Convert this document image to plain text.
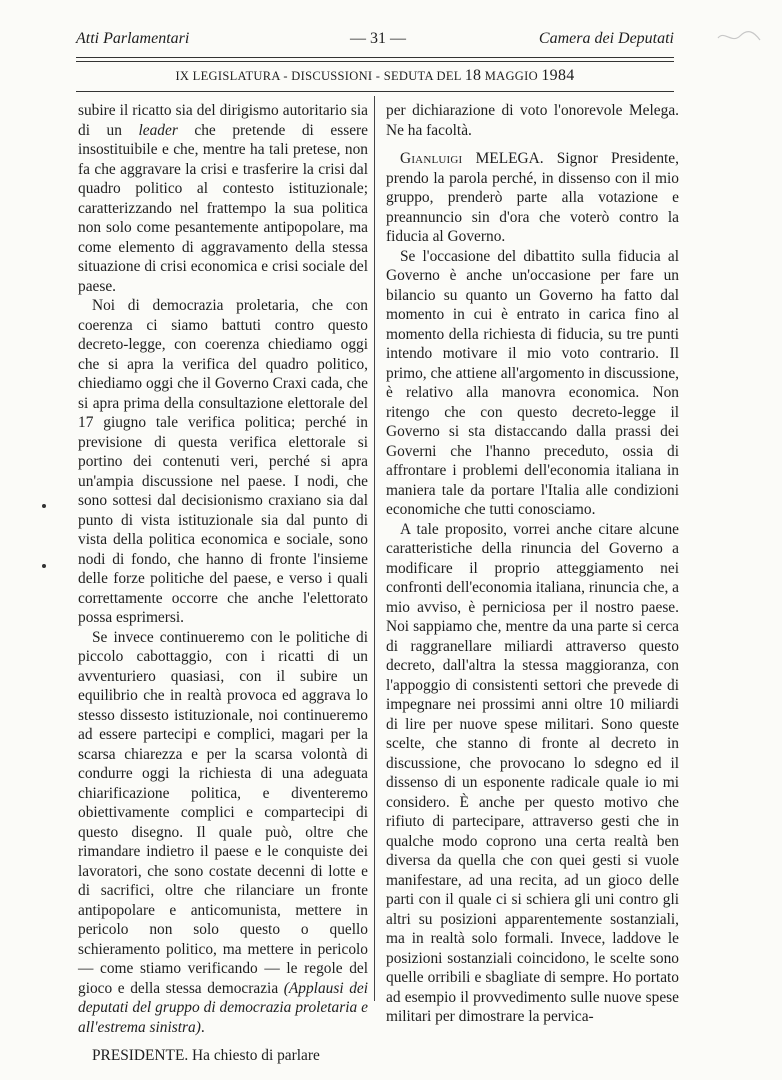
Atti Parlamentari	— 31 —	Camera dei Deputati
IX LEGISLATURA - DISCUSSIONI - SEDUTA DEL 18 MAGGIO 1984

subire il ricatto sia del dirigismo autoritario sia di un leader che pretende di essere insostituibile e che, mentre ha tali pretese, non fa che aggravare la crisi e trasferire la crisi dal quadro politico al contesto istituzionale; caratterizzando nel frattempo la sua politica non solo come pesantemente antipopolare, ma come elemento di aggravamento della stessa situazione di crisi economica e crisi sociale del paese.

Noi di democrazia proletaria, che con coerenza ci siamo battuti contro questo decreto-legge, con coerenza chiediamo oggi che si apra la verifica del quadro politico, chiediamo oggi che il Governo Craxi cada, che si apra prima della consultazione elettorale del 17 giugno tale verifica politica; perché in previsione di questa verifica elettorale si portino dei contenuti veri, perché si apra un'ampia discussione nel paese. I nodi, che sono sottesi dal decisionismo craxiano sia dal punto di vista istituzionale sia dal punto di vista della politica economica e sociale, sono nodi di fondo, che hanno di fronte l'insieme delle forze politiche del paese, e verso i quali correttamente occorre che anche l'elettorato possa esprimersi.

Se invece continueremo con le politiche di piccolo cabottaggio, con i ricatti di un avventuriero quasiasi, con il subire un equilibrio che in realtà provoca ed aggrava lo stesso dissesto istituzionale, noi continueremo ad essere partecipi e complici, magari per la scarsa chiarezza e per la scarsa volontà di condurre oggi la richiesta di una adeguata chiarificazione politica, e diventeremo obiettivamente complici e compartecipi di questo disegno. Il quale può, oltre che rimandare indietro il paese e le conquiste dei lavoratori, che sono costate decenni di lotte e di sacrifici, oltre che rilanciare un fronte antipopolare e anticomunista, mettere in pericolo non solo questo o quello schieramento politico, ma mettere in pericolo — come stiamo verificando — le regole del gioco e della stessa democrazia (Applausi dei deputati del gruppo di democrazia proletaria e all'estrema sinistra).

PRESIDENTE. Ha chiesto di parlare

per dichiarazione di voto l'onorevole Melega. Ne ha facoltà.

Gianluigi MELEGA. Signor Presidente, prendo la parola perché, in dissenso con il mio gruppo, prenderò parte alla votazione e preannuncio sin d'ora che voterò contro la fiducia al Governo.

Se l'occasione del dibattito sulla fiducia al Governo è anche un'occasione per fare un bilancio su quanto un Governo ha fatto dal momento in cui è entrato in carica fino al momento della richiesta di fiducia, su tre punti intendo motivare il mio voto contrario. Il primo, che attiene all'argomento in discussione, è relativo alla manovra economica. Non ritengo che con questo decreto-legge il Governo si sta distaccando dalla prassi dei Governi che l'hanno preceduto, ossia di affrontare i problemi dell'economia italiana in maniera tale da portare l'Italia alle condizioni economiche che tutti conosciamo.

A tale proposito, vorrei anche citare alcune caratteristiche della rinuncia del Governo a modificare il proprio atteggiamento nei confronti dell'economia italiana, rinuncia che, a mio avviso, è perniciosa per il nostro paese. Noi sappiamo che, mentre da una parte si cerca di raggranellare miliardi attraverso questo decreto, dall'altra la stessa maggioranza, con l'appoggio di consistenti settori che prevede di impegnare nei prossimi anni oltre 10 miliardi di lire per nuove spese militari. Sono queste scelte, che stanno di fronte al decreto in discussione, che provocano lo sdegno ed il dissenso di un esponente radicale quale io mi considero. È anche per questo motivo che rifiuto di partecipare, attraverso gesti che in qualche modo coprono una certa realtà ben diversa da quella che con quei gesti si vuole manifestare, ad una recita, ad un gioco delle parti con il quale ci si schiera gli uni contro gli altri su posizioni apparentemente sostanziali, ma in realtà solo formali. Invece, laddove le posizioni sostanziali coincidono, le scelte sono quelle orribili e sbagliate di sempre. Ho portato ad esempio il provvedimento sulle nuove spese militari per dimostrare la pervica-
